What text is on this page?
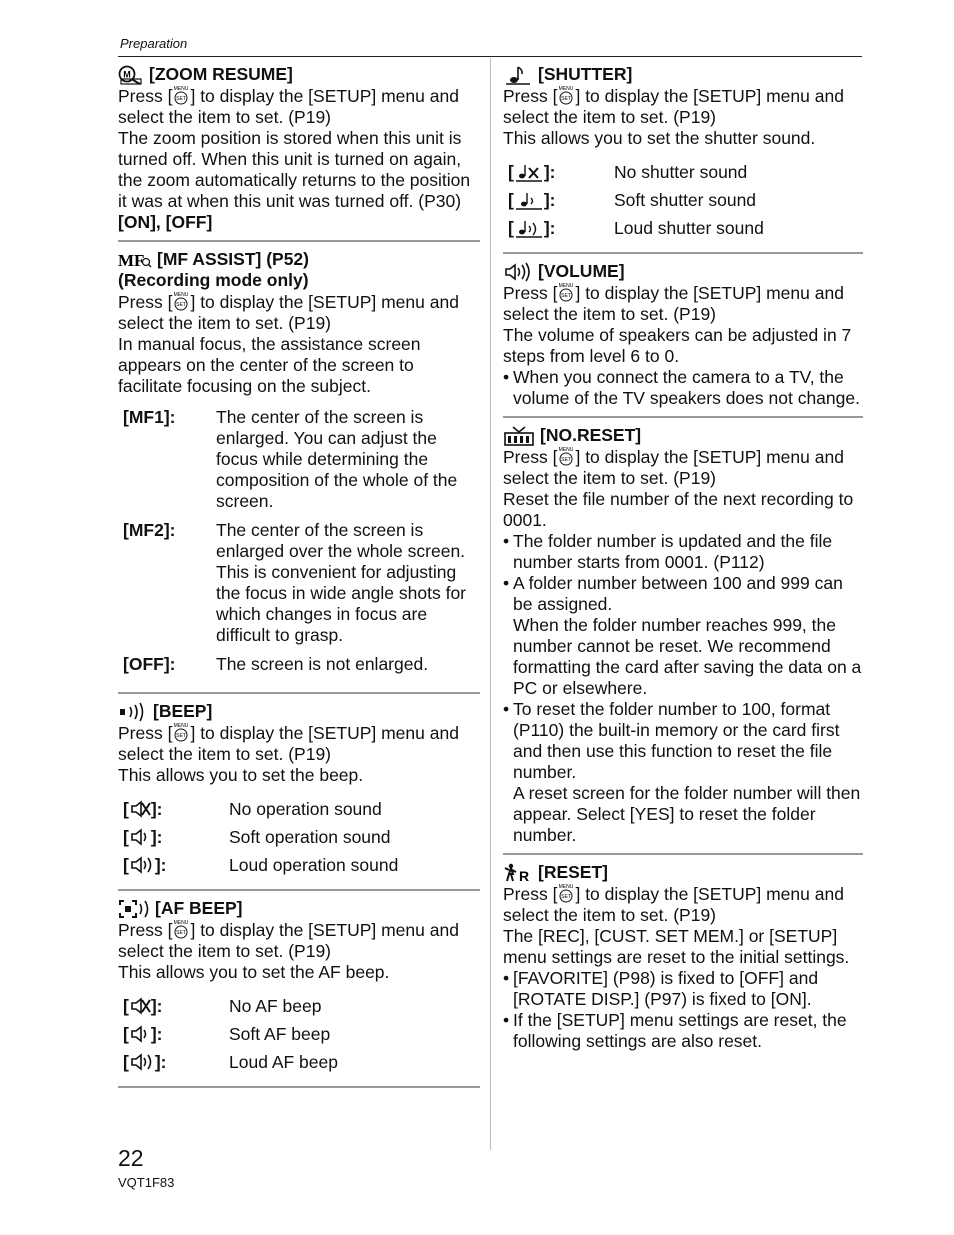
Preparation
M [ZOOM RESUME]

Press [ MENU
SET ] to display the [SETUP] menu and select the item to set. (P19)

The zoom position is stored when this unit is turned off. When this unit is turned on again, the zoom automatically returns to the position it was at when this unit was turned off. (P30)

[ON], [OFF]

MF [MF ASSIST] (P52)
(Recording mode only)

Press [ MENU
SET ] to display the [SETUP] menu and select the item to set. (P19)

In manual focus, the assistance screen appears on the center of the screen to facilitate focusing on the subject.

[MF1]:	The center of the screen is enlarged. You can adjust the focus while determining the composition of the whole of the screen.
[MF2]:	The center of the screen is enlarged over the whole screen. This is convenient for adjusting the focus in wide angle shots for which changes in focus are difficult to grasp.
[OFF]:	The screen is not enlarged.
[BEEP]

Press [ MENU
SET ] to display the [SETUP] menu and select the item to set. (P19)

This allows you to set the beep.

[ ]:	No operation sound
[ ]:	Soft operation sound
[ ]:	Loud operation sound
[AF BEEP]

Press [ MENU
SET ] to display the [SETUP] menu and select the item to set. (P19)

This allows you to set the AF beep.

[ ]:	No AF beep
[ ]:	Soft AF beep
[ ]:	Loud AF beep
[SHUTTER]

Press [ MENU
SET ] to display the [SETUP] menu and select the item to set. (P19)

This allows you to set the shutter sound.

[ ]:	No shutter sound
[ ]:	Soft shutter sound
[ ]:	Loud shutter sound
[VOLUME]

Press [ MENU
SET ] to display the [SETUP] menu and select the item to set. (P19)

The volume of speakers can be adjusted in 7 steps from level 6 to 0.

• When you connect the camera to a TV, the volume of the TV speakers does not change.
[NO.RESET]

Press [ MENU
SET ] to display the [SETUP] menu and select the item to set. (P19)

Reset the file number of the next recording to 0001.

• The folder number is updated and the file number starts from 0001. (P112)
• A folder number between 100 and 999 can be assigned.
When the folder number reaches 999, the number cannot be reset. We recommend formatting the card after saving the data on a PC or elsewhere.
• To reset the folder number to 100, format (P110) the built-in memory or the card first and then use this function to reset the file number.
A reset screen for the folder number will then appear. Select [YES] to reset the folder number.
R [RESET]

Press [ MENU
SET ] to display the [SETUP] menu and select the item to set. (P19)

The [REC], [CUST. SET MEM.] or [SETUP] menu settings are reset to the initial settings.

• [FAVORITE] (P98) is fixed to [OFF] and [ROTATE DISP.] (P97) is fixed to [ON].
• If the [SETUP] menu settings are reset, the following settings are also reset.
22
VQT1F83
